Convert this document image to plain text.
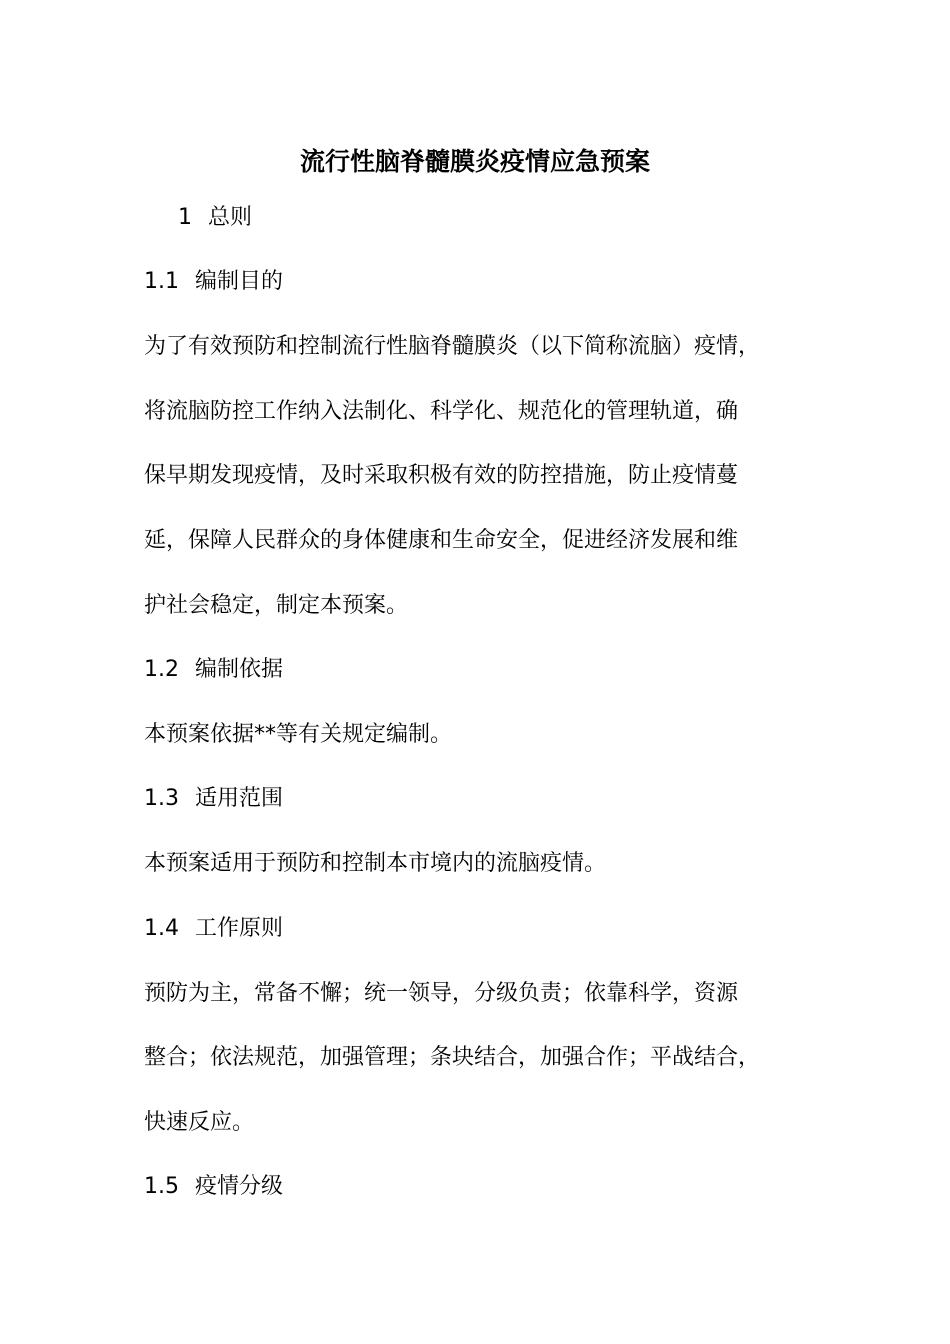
流行性脑脊髓膜炎疫情应急预案
1 总则
1.1 编制目的
为了有效预防和控制流行性脑脊髓膜炎（以下简称流脑）疫情，
将流脑防控工作纳入法制化、科学化、规范化的管理轨道，确
保早期发现疫情，及时采取积极有效的防控措施，防止疫情蔓
延，保障人民群众的身体健康和生命安全，促进经济发展和维
护社会稳定，制定本预案。
1.2 编制依据
本预案依据**等有关规定编制。
1.3 适用范围
本预案适用于预防和控制本市境内的流脑疫情。
1.4 工作原则
预防为主，常备不懈；统一领导，分级负责；依靠科学，资源
整合；依法规范，加强管理；条块结合，加强合作；平战结合，
快速反应。
1.5 疫情分级
